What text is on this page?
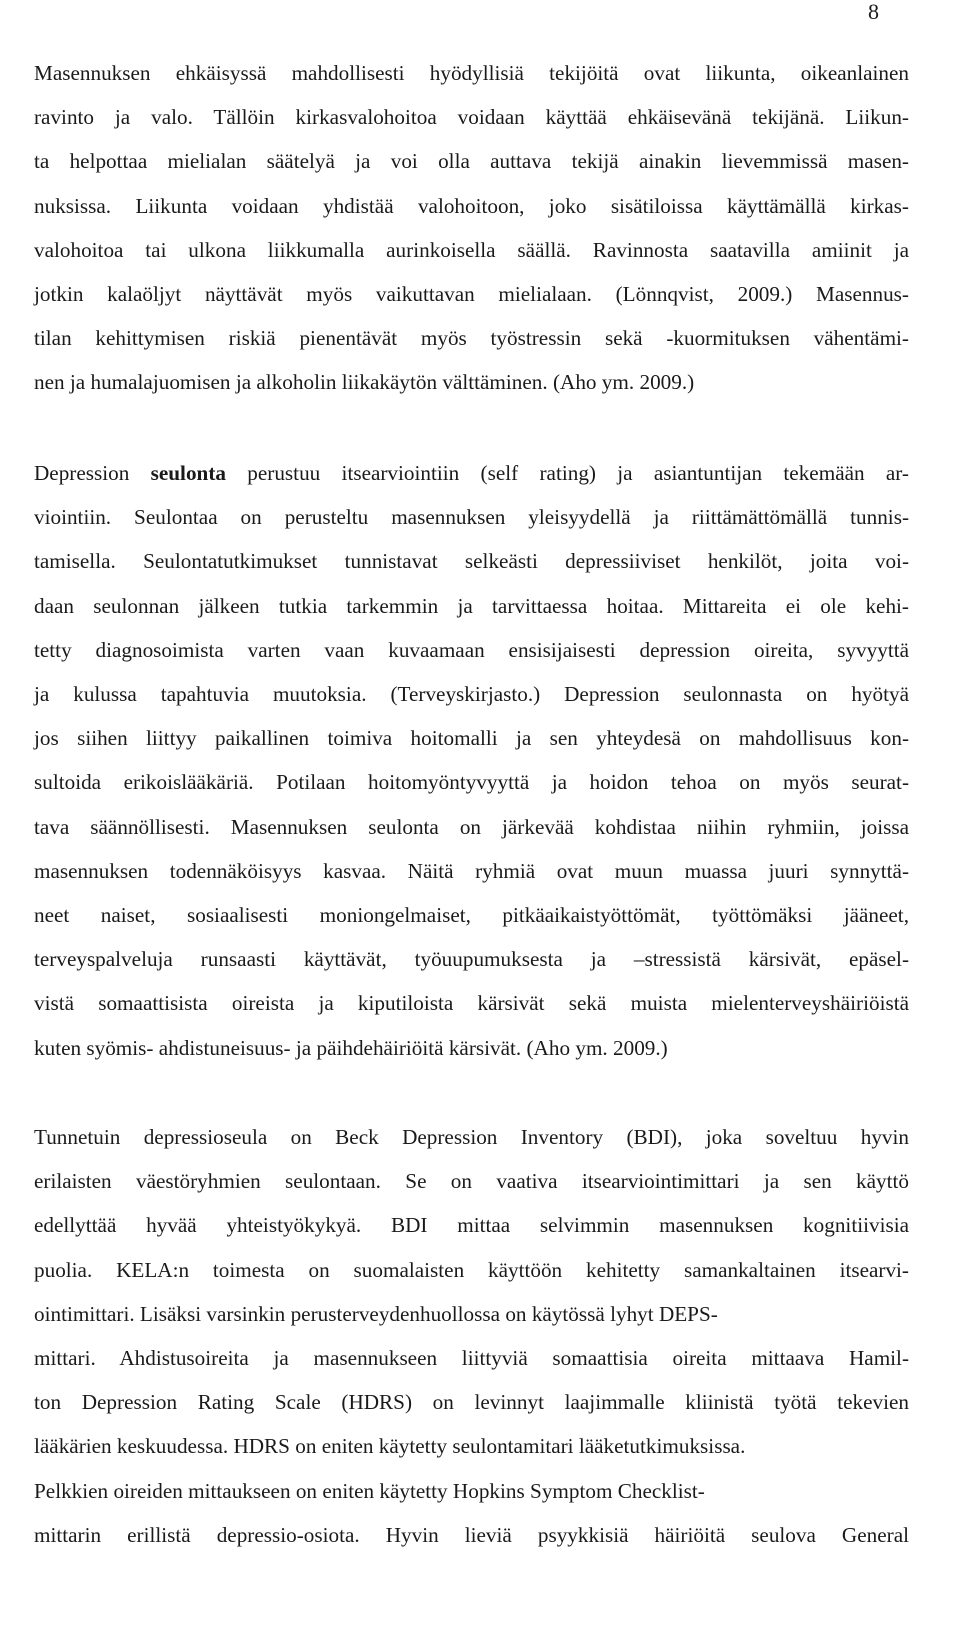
8
Masennuksen ehkäisyssä mahdollisesti hyödyllisiä tekijöitä ovat liikunta, oikeanlainen
ravinto ja valo. Tällöin kirkasvalohoitoa voidaan käyttää ehkäisevänä tekijänä. Liikun-
ta helpottaa mielialan säätelyä ja voi olla auttava tekijä ainakin lievemmissä masen-
nuksissa. Liikunta voidaan yhdistää valohoitoon, joko sisätiloissa käyttämällä kirkas-
valohoitoa tai ulkona liikkumalla aurinkoisella säällä. Ravinnosta saatavilla amiinit ja
jotkin kalaöljyt näyttävät myös vaikuttavan mielialaan. (Lönnqvist, 2009.) Masennus-
tilan kehittymisen riskiä pienentävät myös työstressin sekä -kuormituksen vähentämi-
nen ja humalajuomisen ja alkoholin liikakäytön välttäminen. (Aho ym. 2009.)
Depression seulonta perustuu itsearviointiin (self rating) ja asiantuntijan tekemään ar-
viointiin. Seulontaa on perusteltu masennuksen yleisyydellä ja riittämättömällä tunnis-
tamisella. Seulontatutkimukset tunnistavat selkeästi depressiiviset henkilöt, joita voi-
daan seulonnan jälkeen tutkia tarkemmin ja tarvittaessa hoitaa. Mittareita ei ole kehi-
tetty diagnosoimista varten vaan kuvaamaan ensisijaisesti depression oireita, syvyyttä
ja kulussa tapahtuvia muutoksia. (Terveyskirjasto.) Depression seulonnasta on hyötyä
jos siihen liittyy paikallinen toimiva hoitomalli ja sen yhteydesä on mahdollisuus kon-
sultoida erikoislääkäriä. Potilaan hoitomyöntyvyyttä ja hoidon tehoa on myös seurat-
tava säännöllisesti. Masennuksen seulonta on järkevää kohdistaa niihin ryhmiin, joissa
masennuksen todennäköisyys kasvaa. Näitä ryhmiä ovat muun muassa juuri synnyttä-
neet naiset, sosiaalisesti moniongelmaiset, pitkäaikaistyöttömät, työttömäksi jääneet,
terveyspalveluja runsaasti käyttävät, työuupumuksesta ja –stressistä kärsivät, epäsel-
vistä somaattisista oireista ja kiputiloista kärsivät sekä muista mielenterveyshäiriöistä
kuten syömis- ahdistuneisuus- ja päihdehäiriöitä kärsivät. (Aho ym. 2009.)
Tunnetuin depressioseula on Beck Depression Inventory (BDI), joka soveltuu hyvin
erilaisten väestöryhmien seulontaan. Se on vaativa itsearviointimittari ja sen käyttö
edellyttää hyvää yhteistyökykyä. BDI mittaa selvimmin masennuksen kognitiivisia
puolia. KELA:n toimesta on suomalaisten käyttöön kehitetty samankaltainen itsearvi-
ointimittari. Lisäksi varsinkin perusterveydenhuollossa on käytössä lyhyt DEPS-
mittari. Ahdistusoireita ja masennukseen liittyviä somaattisia oireita mittaava Hamil-
ton Depression Rating Scale (HDRS) on levinnyt laajimmalle kliinistä työtä tekevien
lääkärien keskuudessa. HDRS on eniten käytetty seulontamitari lääketutkimuksissa.
Pelkkien oireiden mittaukseen on eniten käytetty Hopkins Symptom Checklist-
mittarin erillistä depressio-osiota. Hyvin lieviä psyykkisiä häiriöitä seulova General
